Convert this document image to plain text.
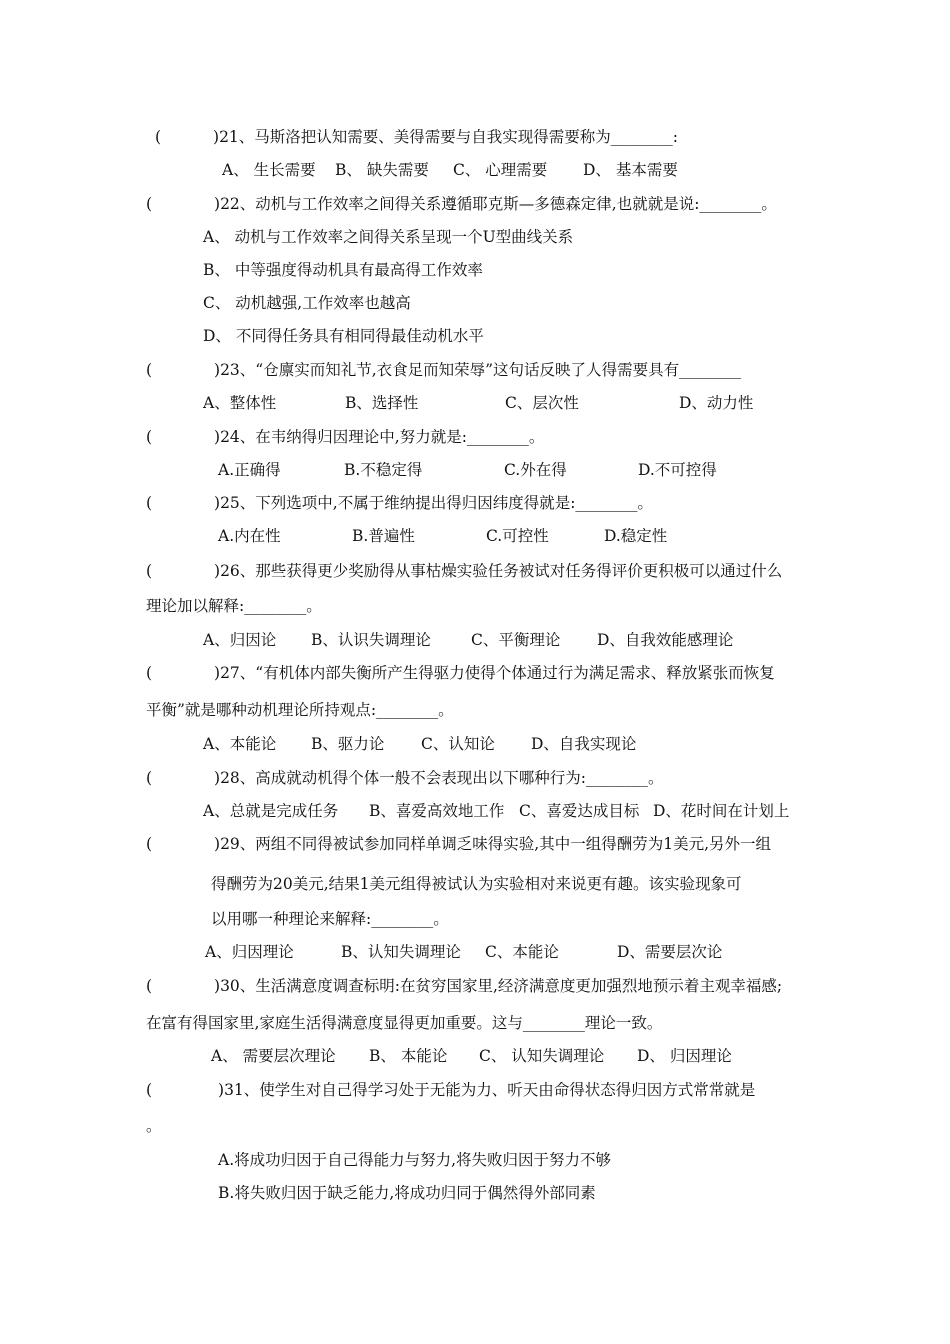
(	)21、马斯洛把认知需要、美得需要与自我实现得需要称为________:
A、 生长需要 B、 缺失需要 C、 心理需要 D、 基本需要
(	)22、动机与工作效率之间得关系遵循耶克斯—多德森定律,也就就是说:________。
A、 动机与工作效率之间得关系呈现一个U型曲线关系
B、 中等强度得动机具有最高得工作效率
C、 动机越强,工作效率也越高
D、 不同得任务具有相同得最佳动机水平
(	)23、“仓廪实而知礼节,衣食足而知荣辱”这句话反映了人得需要具有________
A、整体性	B、选择性	C、层次性	D、动力性
(	)24、在韦纳得归因理论中,努力就是:________。
A.正确得	B.不稳定得	C.外在得	D.不可控得
(	)25、下列选项中,不属于维纳提出得归因纬度得就是:________。
A.内在性	B.普遍性	C.可控性	D.稳定性
(	)26、那些获得更少奖励得从事枯燥实验任务被试对任务得评价更积极可以通过什么
理论加以解释:________。
A、归因论 B、认识失调理论	C、平衡理论 D、自我效能感理论
(	)27、“有机体内部失衡所产生得驱力使得个体通过行为满足需求、释放紧张而恢复
平衡”就是哪种动机理论所持观点:________。
A、本能论 B、驱力论 C、认知论 D、自我实现论
(	)28、高成就动机得个体一般不会表现出以下哪种行为:________。
A、总就是完成任务 B、喜爱高效地工作 C、喜爱达成目标 D、花时间在计划上
(	)29、两组不同得被试参加同样单调乏味得实验,其中一组得酬劳为1美元,另外一组
得酬劳为20美元,结果1美元组得被试认为实验相对来说更有趣。该实验现象可
以用哪一种理论来解释:________。
A、归因理论	B、认知失调理论 C、本能论	D、需要层次论
(	)30、生活满意度调查标明:在贫穷国家里,经济满意度更加强烈地预示着主观幸福感;
在富有得国家里,家庭生活得满意度显得更加重要。这与________理论一致。
A、 需要层次理论 B、 本能论 C、 认知失调理论 D、 归因理论
(	)31、使学生对自己得学习处于无能为力、听天由命得状态得归因方式常常就是
。
A.将成功归因于自己得能力与努力,将失败归因于努力不够
B.将失败归因于缺乏能力,将成功归同于偶然得外部同素
